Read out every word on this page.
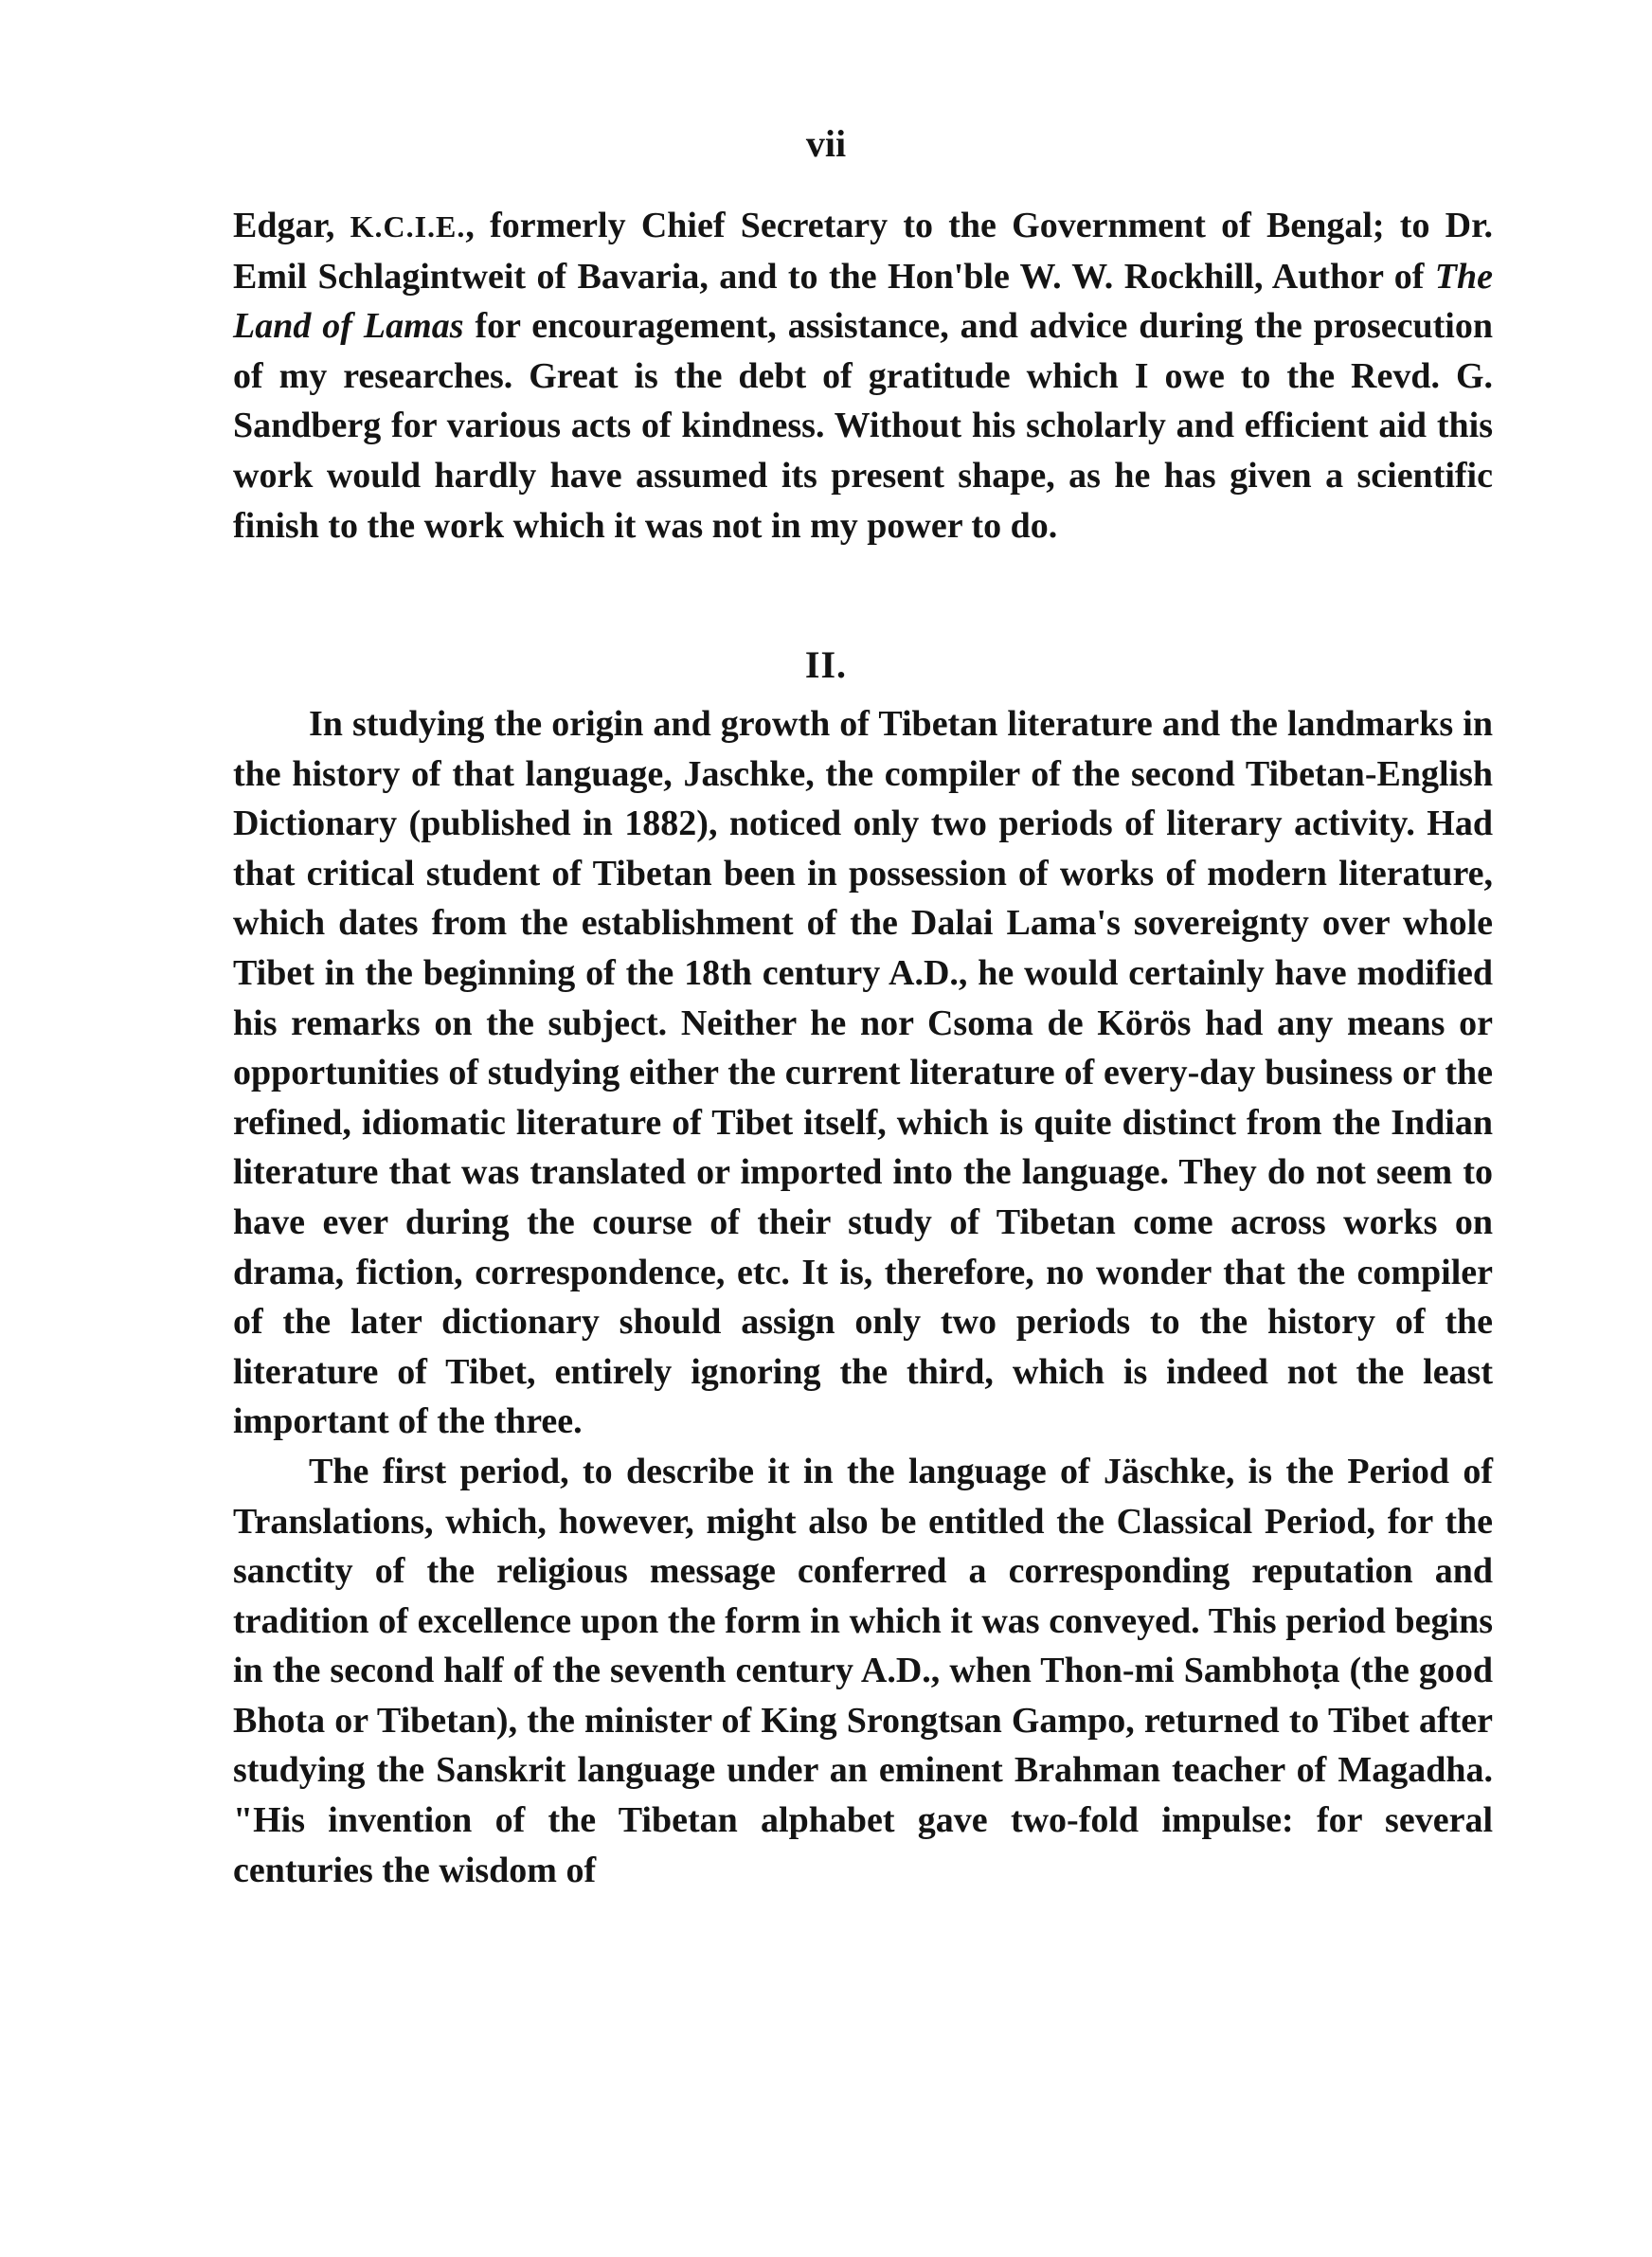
vii

Edgar, K.C.I.E., formerly Chief Secretary to the Government of Bengal; to Dr. Emil Schlagintweit of Bavaria, and to the Hon'ble W. W. Rockhill, Author of The Land of Lamas for encouragement, assistance, and advice during the prosecution of my researches. Great is the debt of gratitude which I owe to the Revd. G. Sandberg for various acts of kindness. Without his scholarly and efficient aid this work would hardly have assumed its present shape, as he has given a scientific finish to the work which it was not in my power to do.

II.

In studying the origin and growth of Tibetan literature and the landmarks in the history of that language, Jaschke, the compiler of the second Tibetan-English Dictionary (published in 1882), noticed only two periods of literary activity. Had that critical student of Tibetan been in possession of works of modern literature, which dates from the establishment of the Dalai Lama's sovereignty over whole Tibet in the beginning of the 18th century A.D., he would certainly have modified his remarks on the subject. Neither he nor Csoma de Körös had any means or opportunities of studying either the current literature of every-day business or the refined, idiomatic literature of Tibet itself, which is quite distinct from the Indian literature that was translated or imported into the language. They do not seem to have ever during the course of their study of Tibetan come across works on drama, fiction, correspondence, etc. It is, therefore, no wonder that the compiler of the later dictionary should assign only two periods to the history of the literature of Tibet, entirely ignoring the third, which is indeed not the least important of the three.

The first period, to describe it in the language of Jäschke, is the Period of Translations, which, however, might also be entitled the Classical Period, for the sanctity of the religious message conferred a corresponding reputation and tradition of excellence upon the form in which it was conveyed. This period begins in the second half of the seventh century A.D., when Thon-mi Sambhoṭa (the good Bhota or Tibetan), the minister of King Srongtsan Gampo, returned to Tibet after studying the Sanskrit language under an eminent Brahman teacher of Magadha. "His invention of the Tibetan alphabet gave two-fold impulse: for several centuries the wisdom of
